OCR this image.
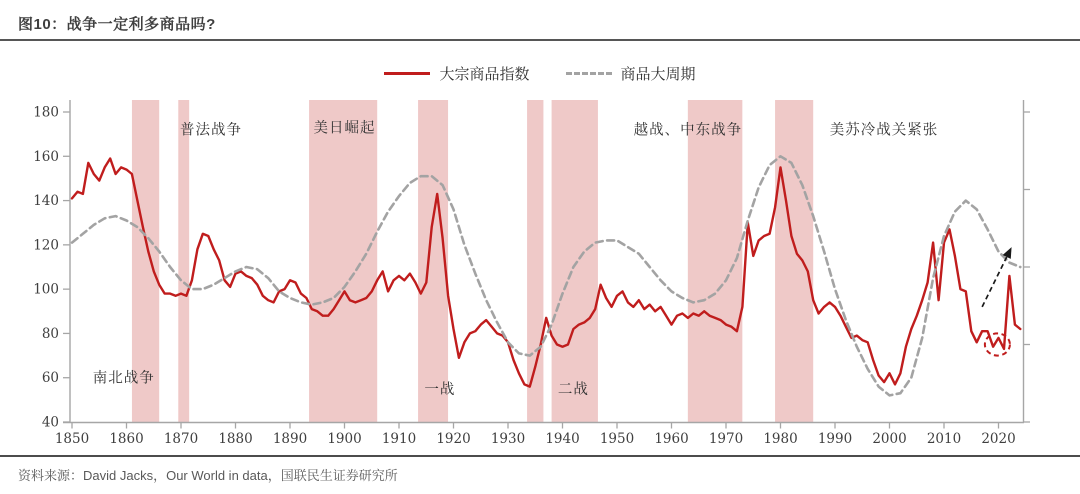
图10：战争一定利多商品吗?
大宗商品指数	商品大周期
40
60
80
100
120
140
160
180
1850 1860 1870 1880 1890 1900 1910 1920 1930 1940 1950 1960 1970 1980 1990 2000 2010 2020
南北战争
普法战争	美日崛起
一战	二战
越战、中东战争	美苏冷战关紧张
资料来源：David Jacks，Our World in data，国联民生证券研究所
